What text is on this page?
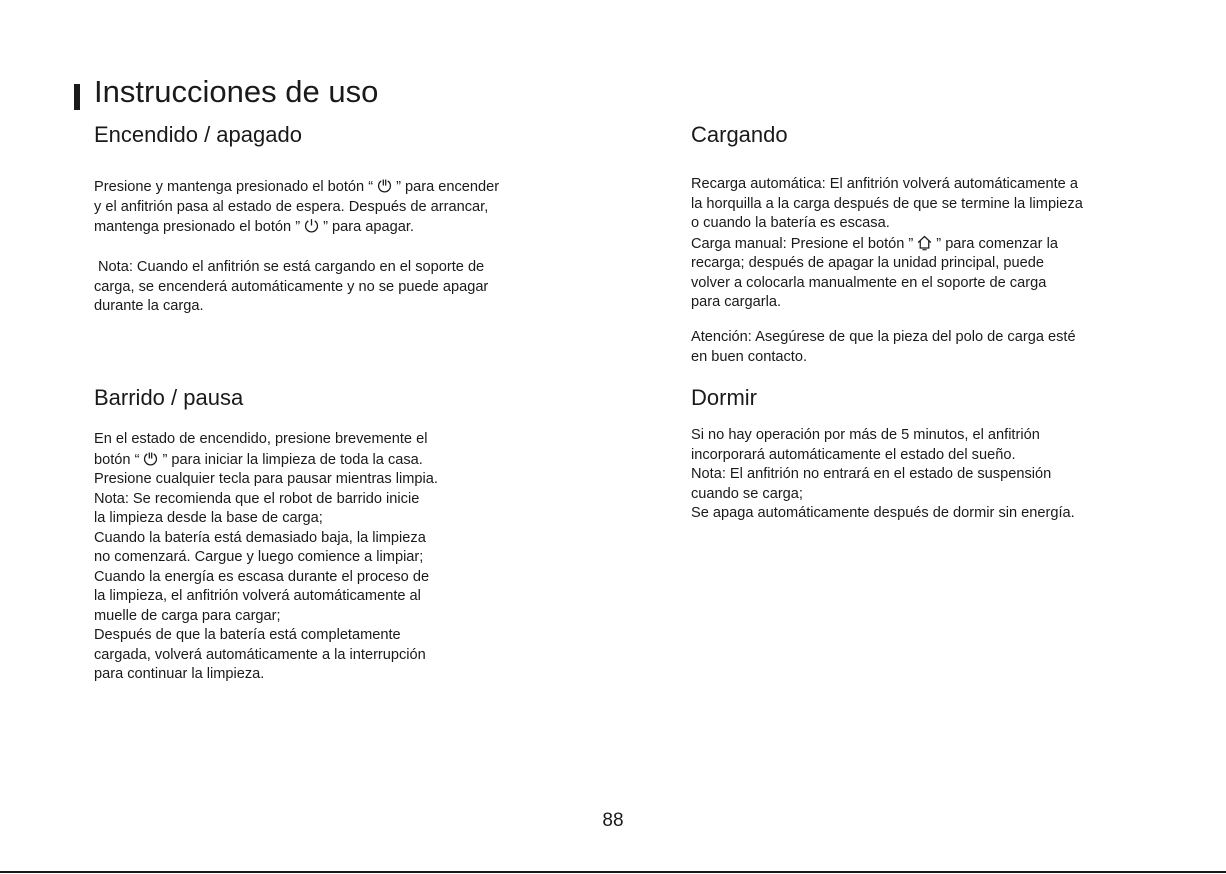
Instrucciones de uso
Encendido / apagado
Presione y mantenga presionado el botón “ ” para encender
y el anfitrión pasa al estado de espera. Después de arrancar,
mantenga presionado el botón ” ” para apagar.
Nota: Cuando el anfitrión se está cargando en el soporte de
carga, se encenderá automáticamente y no se puede apagar
durante la carga.
Barrido / pausa
En el estado de encendido, presione brevemente el
botón “ ” para iniciar la limpieza de toda la casa.
Presione cualquier tecla para pausar mientras limpia.
Nota: Se recomienda que el robot de barrido inicie
la limpieza desde la base de carga;
Cuando la batería está demasiado baja, la limpieza
no comenzará. Cargue y luego comience a limpiar;
Cuando la energía es escasa durante el proceso de
la limpieza, el anfitrión volverá automáticamente al
muelle de carga para cargar;
Después de que la batería está completamente
cargada, volverá automáticamente a la interrupción
para continuar la limpieza.
Cargando
Recarga automática: El anfitrión volverá automáticamente a
la horquilla a la carga después de que se termine la limpieza
o cuando la batería es escasa.
Carga manual: Presione el botón ” ” para comenzar la
recarga; después de apagar la unidad principal, puede
volver a colocarla manualmente en el soporte de carga
para cargarla.
Atención: Asegúrese de que la pieza del polo de carga esté
en buen contacto.
Dormir
Si no hay operación por más de 5 minutos, el anfitrión
incorporará automáticamente el estado del sueño.
Nota: El anfitrión no entrará en el estado de suspensión
cuando se carga;
Se apaga automáticamente después de dormir sin energía.
88
